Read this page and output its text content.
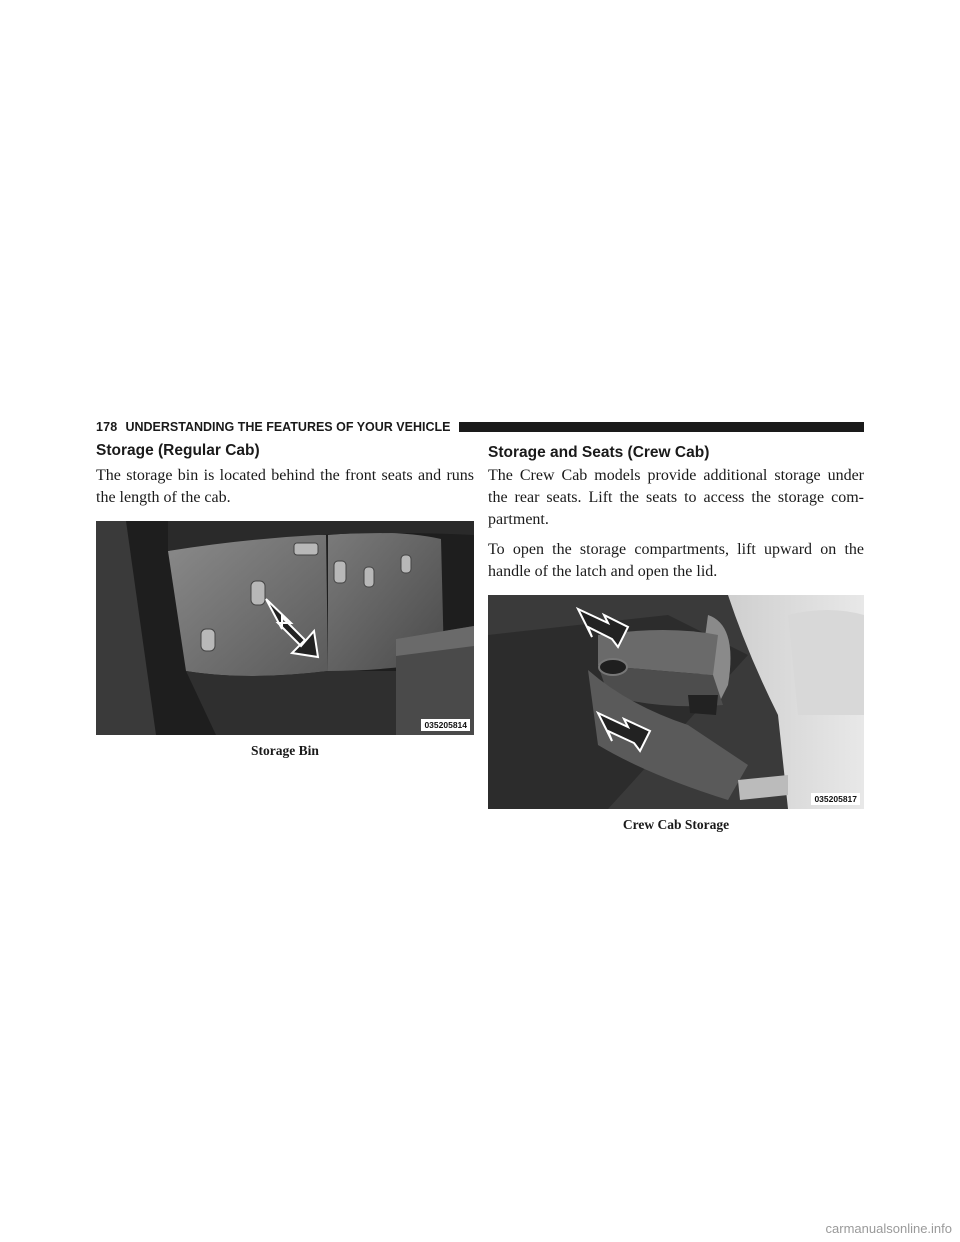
178 UNDERSTANDING THE FEATURES OF YOUR VEHICLE
Storage (Regular Cab)

The storage bin is located behind the front seats and runs the length of the cab.

035205814
Storage Bin
Storage and Seats (Crew Cab)

The Crew Cab models provide additional storage under the rear seats. Lift the seats to access the storage com-partment.

To open the storage compartments, lift upward on the handle of the latch and open the lid.

035205817
Crew Cab Storage
carmanualsonline.info
